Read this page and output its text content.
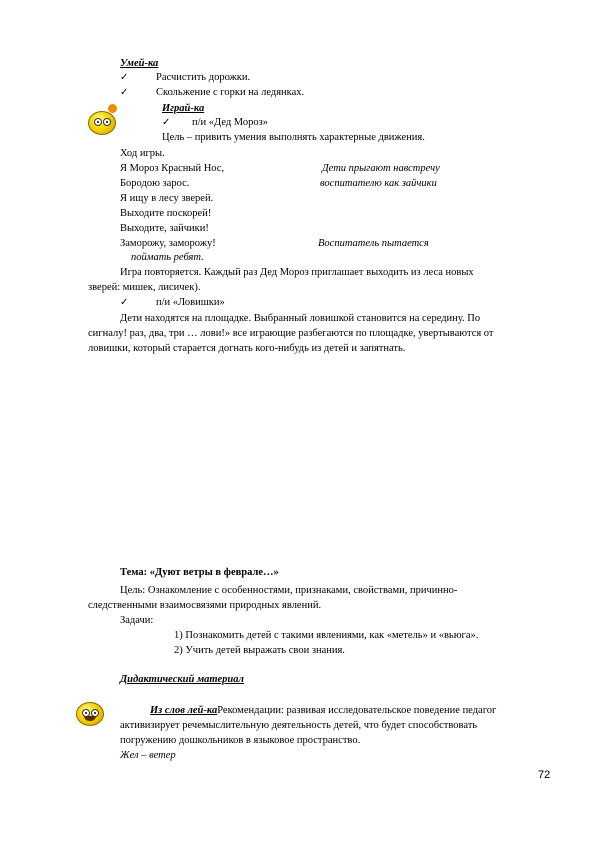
Умей-ка
✓	Расчистить дорожки.
✓	Скольжение с горки на ледянках.
Играй-ка
✓ п/и «Дед Мороз»
Цель – привить умения выполнять характерные движения.
Ход игры.
Я Мороз Красный Нос,	Дети прыгают навстречу
Бородою зарос.	воспитателю как зайчики
Я ищу в лесу зверей.
Выходите поскорей!
Выходите, зайчики!
Заморожу, заморожу!	Воспитатель пытается
поймать ребят.
Игра повторяется. Каждый раз Дед Мороз приглашает выходить из леса новых
зверей: мишек, лисичек).
✓	п/и «Ловишки»
Дети находятся на площадке. Выбранный ловишкой становится на середину. По
сигналу! раз, два, три … лови!» все играющие разбегаются по площадке, увертываются от
ловишки, который старается догнать кого-нибудь из детей и запятнать.
Тема: «Дуют ветры в феврале…»
Цель: Ознакомление с особенностями, признаками, свойствами, причинно-
следственными взаимосвязями природных явлений.
Задачи:
1) Познакомить детей с такими явлениями, как «метель» и «вьюга».
2) Учить детей выражать свои знания.
Дидактический материал
Из слов лей-каРекомендации: развивая исследовательское поведение педагог
активизирует речемыслительную деятельность детей, что будет способствовать
погружению дошкольников в языковое пространство.
Жел – ветер
72
